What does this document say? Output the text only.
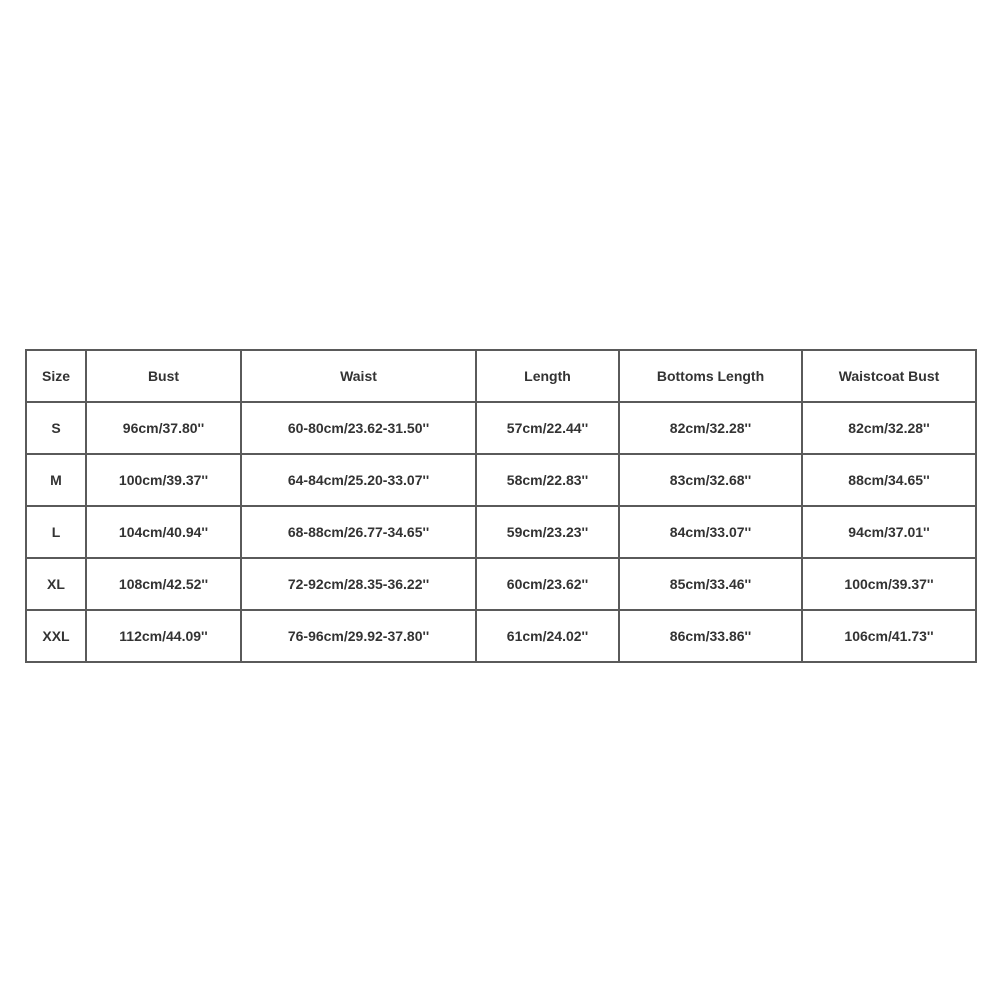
Size	Bust	Waist	Length	Bottoms Length	Waistcoat Bust
S	96cm/37.80''	60-80cm/23.62-31.50''	57cm/22.44''	82cm/32.28''	82cm/32.28''
M	100cm/39.37''	64-84cm/25.20-33.07''	58cm/22.83''	83cm/32.68''	88cm/34.65''
L	104cm/40.94''	68-88cm/26.77-34.65''	59cm/23.23''	84cm/33.07''	94cm/37.01''
XL	108cm/42.52''	72-92cm/28.35-36.22''	60cm/23.62''	85cm/33.46''	100cm/39.37''
XXL	112cm/44.09''	76-96cm/29.92-37.80''	61cm/24.02''	86cm/33.86''	106cm/41.73''
